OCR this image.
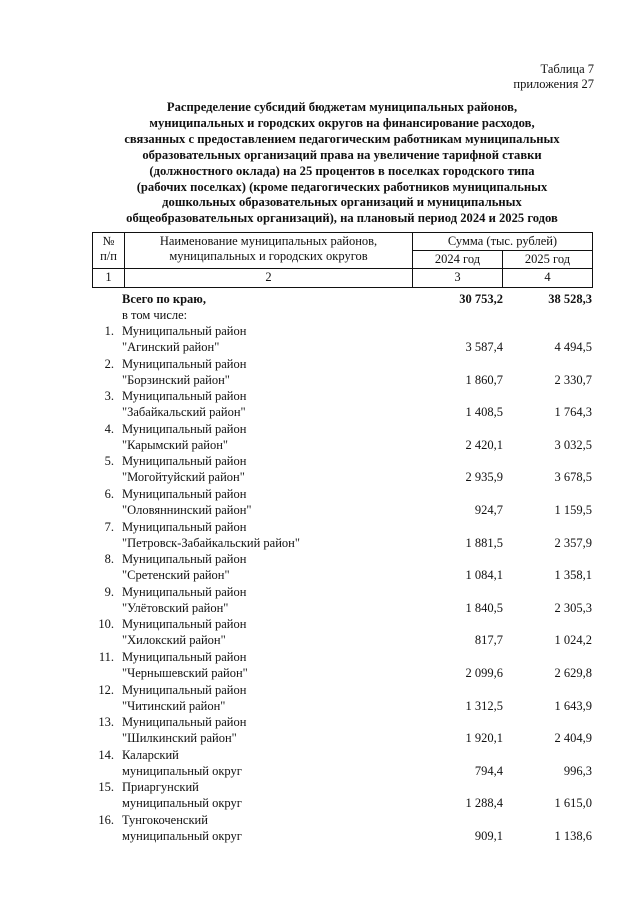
Таблица 7
приложения 27
Распределение субсидий бюджетам муниципальных районов,
муниципальных и городских округов на финансирование расходов,
связанных с предоставлением педагогическим работникам муниципальных
образовательных организаций права на увеличение тарифной ставки
(должностного оклада) на 25 процентов в поселках городского типа
(рабочих поселках) (кроме педагогических работников муниципальных
дошкольных образовательных организаций и муниципальных
общеобразовательных организаций), на плановый период 2024 и 2025 годов
№
п/п
Наименование муниципальных районов,
муниципальных и городских округов
Сумма (тыс. рублей)
2024 год	2025 год
1	2	3	4
Всего по краю,	30 753,2	38 528,3
в том числе:
1. Муниципальный район
"Агинский район"	3 587,4	4 494,5
2. Муниципальный район
"Борзинский район"	1 860,7	2 330,7
3. Муниципальный район
"Забайкальский район"	1 408,5	1 764,3
4. Муниципальный район
"Карымский район"	2 420,1	3 032,5
5. Муниципальный район
"Могойтуйский район"	2 935,9	3 678,5
6. Муниципальный район
"Оловяннинский район"	924,7	1 159,5
7. Муниципальный район
"Петровск-Забайкальский район"	1 881,5	2 357,9
8. Муниципальный район
"Сретенский район"	1 084,1	1 358,1
9. Муниципальный район
"Улётовский район"	1 840,5	2 305,3
10. Муниципальный район
"Хилокский район"	817,7	1 024,2
11. Муниципальный район
"Чернышевский район"	2 099,6	2 629,8
12. Муниципальный район
"Читинский район"	1 312,5	1 643,9
13. Муниципальный район
"Шилкинский район"	1 920,1	2 404,9
14. Каларский
муниципальный округ	794,4	996,3
15. Приаргунский
муниципальный округ	1 288,4	1 615,0
16. Тунгокоченский
муниципальный округ	909,1	1 138,6
